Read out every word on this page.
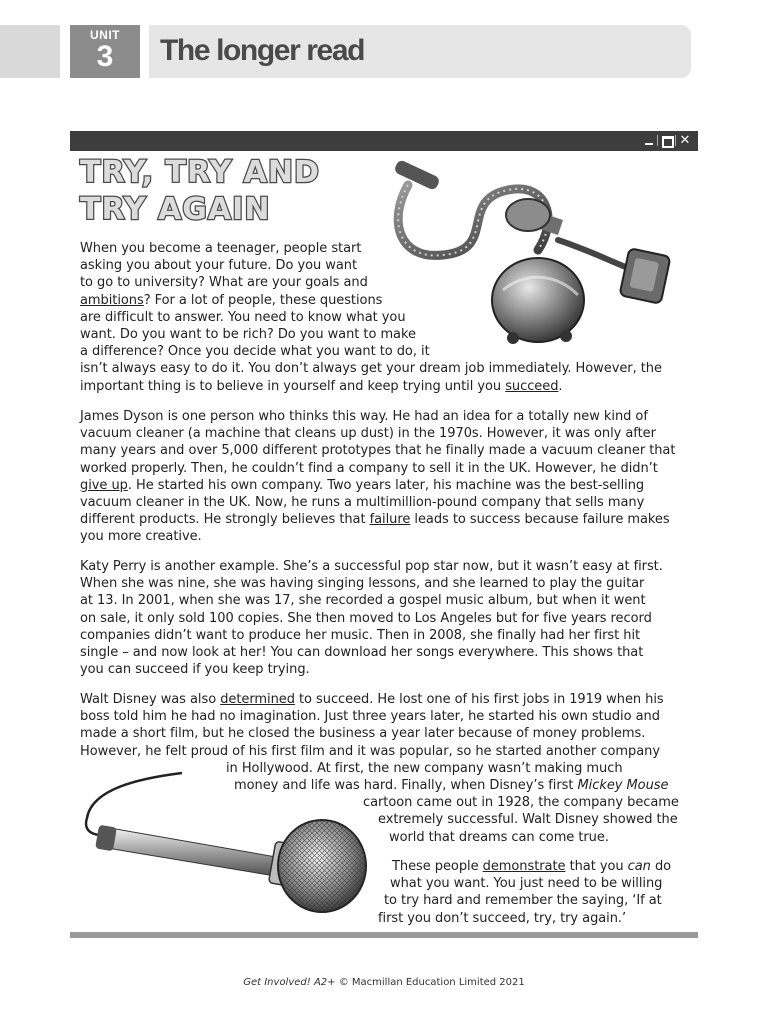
UNIT
3	The longer read
✕
TRY, TRY AND
TRY AGAIN
When you become a teenager, people start
asking you about your future. Do you want
to go to university? What are your goals and
ambitions? For a lot of people, these questions
are difficult to answer. You need to know what you
want. Do you want to be rich? Do you want to make
a difference? Once you decide what you want to do, it
isn’t always easy to do it. You don’t always get your dream job immediately. However, the
important thing is to believe in yourself and keep trying until you succeed.
James Dyson is one person who thinks this way. He had an idea for a totally new kind of
vacuum cleaner (a machine that cleans up dust) in the 1970s. However, it was only after
many years and over 5,000 different prototypes that he finally made a vacuum cleaner that
worked properly. Then, he couldn’t find a company to sell it in the UK. However, he didn’t
give up. He started his own company. Two years later, his machine was the best-selling
vacuum cleaner in the UK. Now, he runs a multimillion-pound company that sells many
different products. He strongly believes that failure leads to success because failure makes
you more creative.
Katy Perry is another example. She’s a successful pop star now, but it wasn’t easy at first.
When she was nine, she was having singing lessons, and she learned to play the guitar
at 13. In 2001, when she was 17, she recorded a gospel music album, but when it went
on sale, it only sold 100 copies. She then moved to Los Angeles but for five years record
companies didn’t want to produce her music. Then in 2008, she finally had her first hit
single – and now look at her! You can download her songs everywhere. This shows that
you can succeed if you keep trying.
Walt Disney was also determined to succeed. He lost one of his first jobs in 1919 when his
boss told him he had no imagination. Just three years later, he started his own studio and
made a short film, but he closed the business a year later because of money problems.
However, he felt proud of his first film and it was popular, so he started another company
in Hollywood. At first, the new company wasn’t making much
money and life was hard. Finally, when Disney’s first Mickey Mouse
cartoon came out in 1928, the company became
extremely successful. Walt Disney showed the
world that dreams can come true.
These people demonstrate that you can do
what you want. You just need to be willing
to try hard and remember the saying, ‘If at
first you don’t succeed, try, try again.’
Get Involved! A2+ © Macmillan Education Limited 2021
